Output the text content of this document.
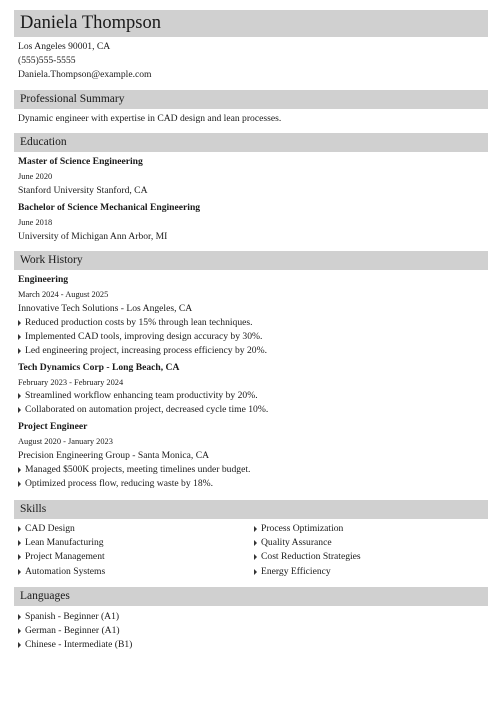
Daniela Thompson
Los Angeles 90001, CA
(555)555-5555
Daniela.Thompson@example.com
Professional Summary
Dynamic engineer with expertise in CAD design and lean processes.
Education
Master of Science Engineering
June 2020
Stanford University Stanford, CA
Bachelor of Science Mechanical Engineering
June 2018
University of Michigan Ann Arbor, MI
Work History
Engineering
March 2024 - August 2025
Innovative Tech Solutions - Los Angeles, CA
Reduced production costs by 15% through lean techniques.
Implemented CAD tools, improving design accuracy by 30%.
Led engineering project, increasing process efficiency by 20%.
Tech Dynamics Corp - Long Beach, CA
February 2023 - February 2024
Streamlined workflow enhancing team productivity by 20%.
Collaborated on automation project, decreased cycle time 10%.
Project Engineer
August 2020 - January 2023
Precision Engineering Group - Santa Monica, CA
Managed $500K projects, meeting timelines under budget.
Optimized process flow, reducing waste by 18%.
Skills
CAD Design
Lean Manufacturing
Project Management
Automation Systems
Process Optimization
Quality Assurance
Cost Reduction Strategies
Energy Efficiency
Languages
Spanish - Beginner (A1)
German - Beginner (A1)
Chinese - Intermediate (B1)
